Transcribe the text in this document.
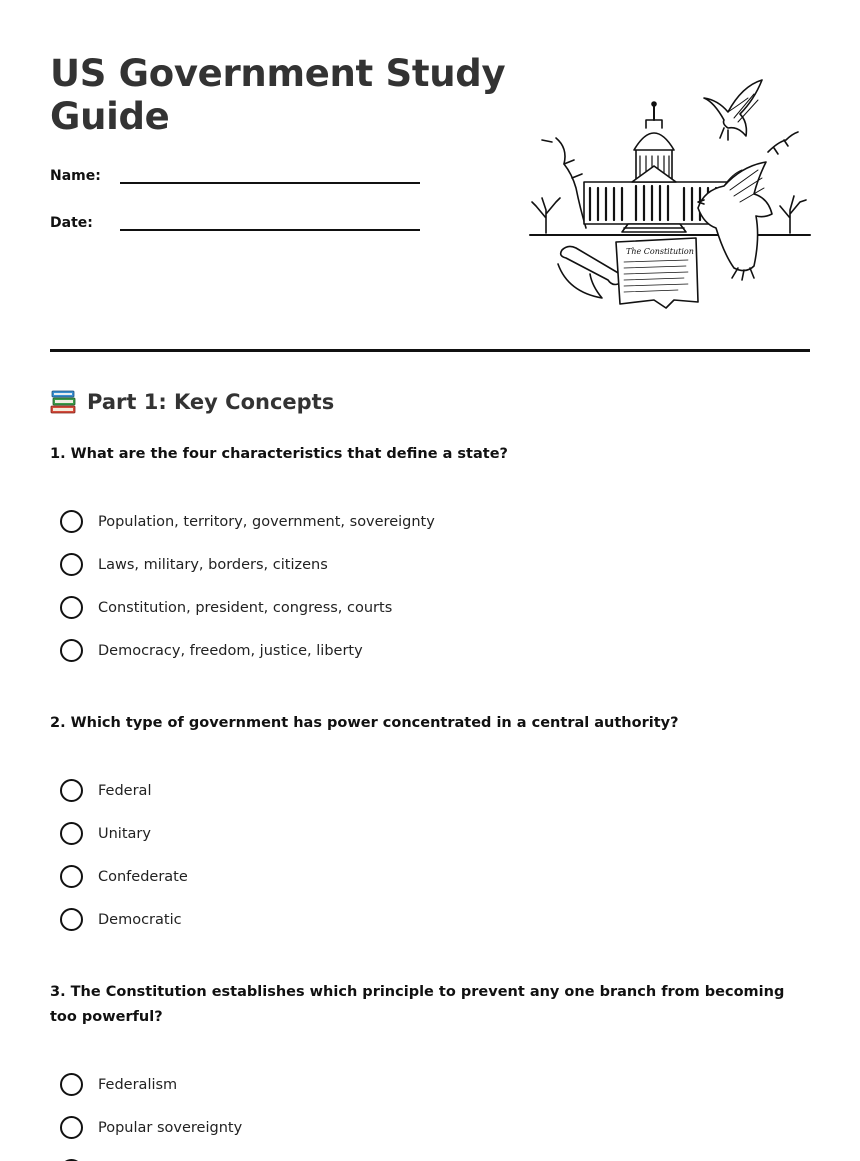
US Government Study Guide
Name:
Date:
The Constitution
Part 1: Key Concepts
1. What are the four characteristics that define a state?
Population, territory, government, sovereignty
Laws, military, borders, citizens
Constitution, president, congress, courts
Democracy, freedom, justice, liberty
2. Which type of government has power concentrated in a central authority?
Federal
Unitary
Confederate
Democratic
3. The Constitution establishes which principle to prevent any one branch from becoming too powerful?
Federalism
Popular sovereignty
